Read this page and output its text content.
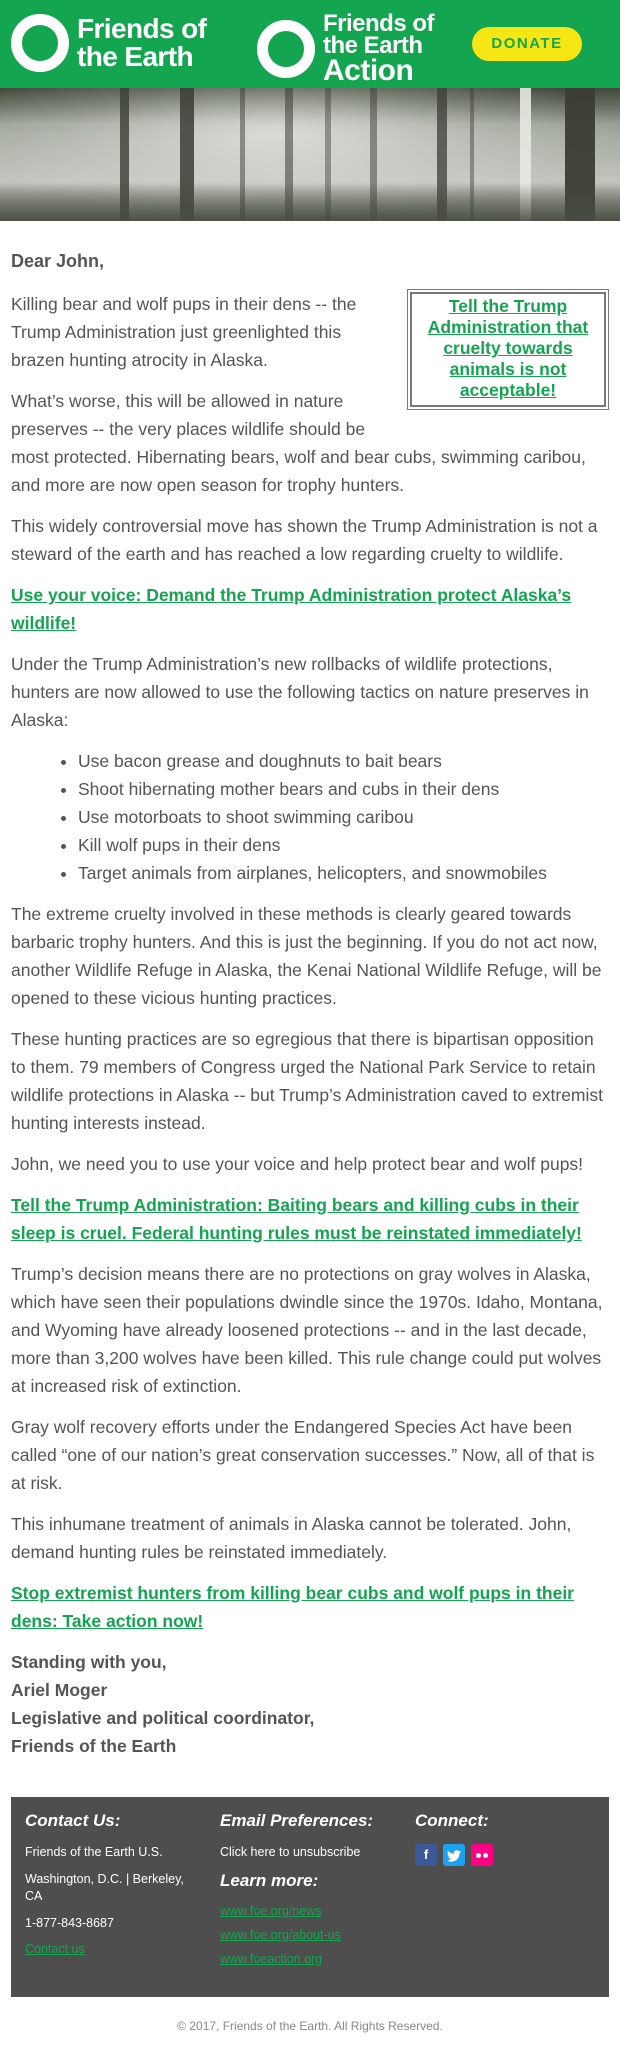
Friends of
the Earth
Friends of
the Earth
Action
DONATE
Dear John,
Tell the Trump Administration that cruelty towards animals is not acceptable!

Killing bear and wolf pups in their dens -- the Trump Administration just greenlighted this brazen hunting atrocity in Alaska.

What’s worse, this will be allowed in nature preserves -- the very places wildlife should be most protected. Hibernating bears, wolf and bear cubs, swimming caribou, and more are now open season for trophy hunters.

This widely controversial move has shown the Trump Administration is not a steward of the earth and has reached a low regarding cruelty to wildlife.

Use your voice: Demand the Trump Administration protect Alaska’s wildlife!

Under the Trump Administration’s new rollbacks of wildlife protections, hunters are now allowed to use the following tactics on nature preserves in Alaska:

• Use bacon grease and doughnuts to bait bears
• Shoot hibernating mother bears and cubs in their dens
• Use motorboats to shoot swimming caribou
• Kill wolf pups in their dens
• Target animals from airplanes, helicopters, and snowmobiles

The extreme cruelty involved in these methods is clearly geared towards barbaric trophy hunters. And this is just the beginning. If you do not act now, another Wildlife Refuge in Alaska, the Kenai National Wildlife Refuge, will be opened to these vicious hunting practices.

These hunting practices are so egregious that there is bipartisan opposition to them. 79 members of Congress urged the National Park Service to retain wildlife protections in Alaska -- but Trump’s Administration caved to extremist hunting interests instead.

John, we need you to use your voice and help protect bear and wolf pups!

Tell the Trump Administration: Baiting bears and killing cubs in their sleep is cruel. Federal hunting rules must be reinstated immediately!

Trump’s decision means there are no protections on gray wolves in Alaska, which have seen their populations dwindle since the 1970s. Idaho, Montana, and Wyoming have already loosened protections -- and in the last decade, more than 3,200 wolves have been killed. This rule change could put wolves at increased risk of extinction.

Gray wolf recovery efforts under the Endangered Species Act have been called “one of our nation’s great conservation successes.” Now, all of that is at risk.

This inhumane treatment of animals in Alaska cannot be tolerated. John, demand hunting rules be reinstated immediately.

Stop extremist hunters from killing bear cubs and wolf pups in their dens: Take action now!
Standing with you,
Ariel Moger
Legislative and political coordinator,
Friends of the Earth
Contact Us:
Friends of the Earth U.S.
Washington, D.C. | Berkeley, CA
1-877-843-8687
Contact us
Email Preferences:
Click here to unsubscribe
Learn more:
www.foe.org/news
www.foe.org/about-us
www.foeaction.org
Connect:
f
© 2017, Friends of the Earth. All Rights Reserved.
